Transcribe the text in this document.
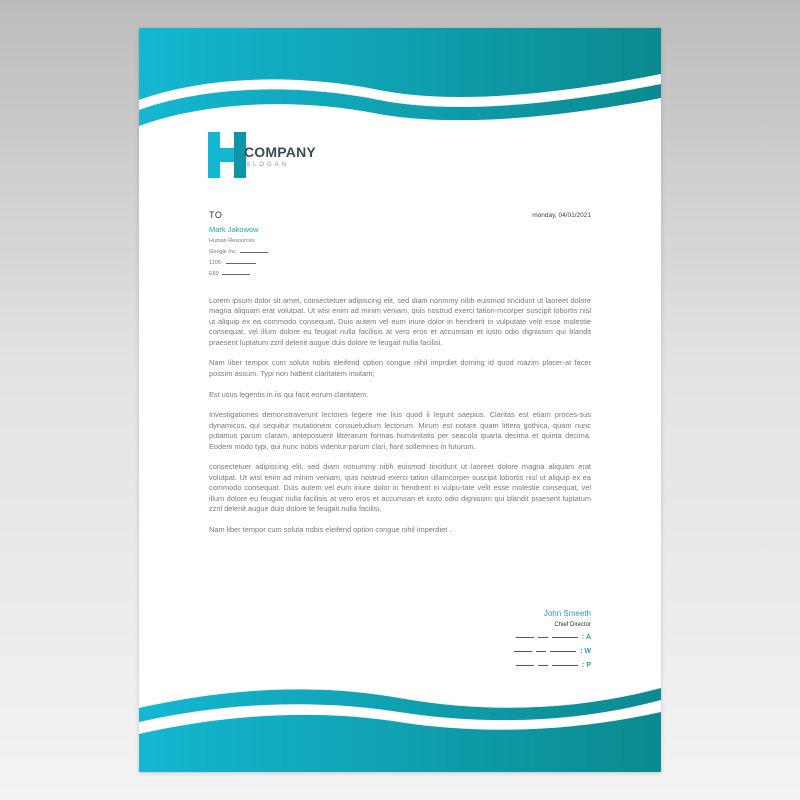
COMPANY
SLOGAN
TO	monday, 04/01/2021
Mark Jakowow
Human Resources
Google Inc.
1105-
E89

Lorem ipsum dolor sit amet, consectetuer adipiscing elit, sed diam nonmmy nibh euismod tincidunt ut laoreet dolore magna aliquam erat volutpat. Ut wisi enim ad minim veniam, quis nostrud exerci tation-mcorper suscipit lobortis nisl ut aliquip ex ea commodo consequat. Duis autem vel eum iriure dolor in hendrerit in vulputate velit esse molestie consequat, vel illum dolore eu feugiat nulla facilisis at vero eros et accumsan et iusto odio dignissim qui blandit praesent luptatum zzril delenit augue duis dolore te feugait nulla facilisi.

Nam liber tempor cum soluta nobis eleifend option congue nihil imprdiet doming id quod mazim placer-at facer possim assum. Typi non habent claritatem insitam;

Est usus legentis in iis qui facit eorum claritatem.

Investigationes demonstraverunt lectores legere me lius quod ii legunt saepius. Claritas est etiam proces-sus dynamicus, qui sequitur mutationem consuetudium lectorum. Mirum est notare quam littera gothica, quam nunc putamus parum claram, anteposuerit litterarum formas humanitatis per seacula quarta decima et quinta decima. Eodem modo typi, qui nunc nobis videntur parum clari, fiant sollemnes in futurum.

consectetuer adipiscing elit, sed diam nonummy nibh euismod tincidunt ut laoreet dolore magna aliquam erat volutpat. Ut wisi enim ad minim veniam, quis nostrud exerci tation ullamcorper suscipit lobortis nisl ut aliquip ex ea commodo consequat. Duis autem vel eum iriure dolor in hendrerit in vulpu-tate velit esse molestie consequat, vel illum dolore eu feugiat nulla facilisis at vero eros et accumsan et iusto odio dignissim qui blandit praesent luptatum zzril delenit augue duis dolore te feugait nulla facilisi.

Nam liber tempor cum soluta nobis eleifend option congue nihil imperdiet .

John Smeeth
Chief Director
: A
: W
: P
